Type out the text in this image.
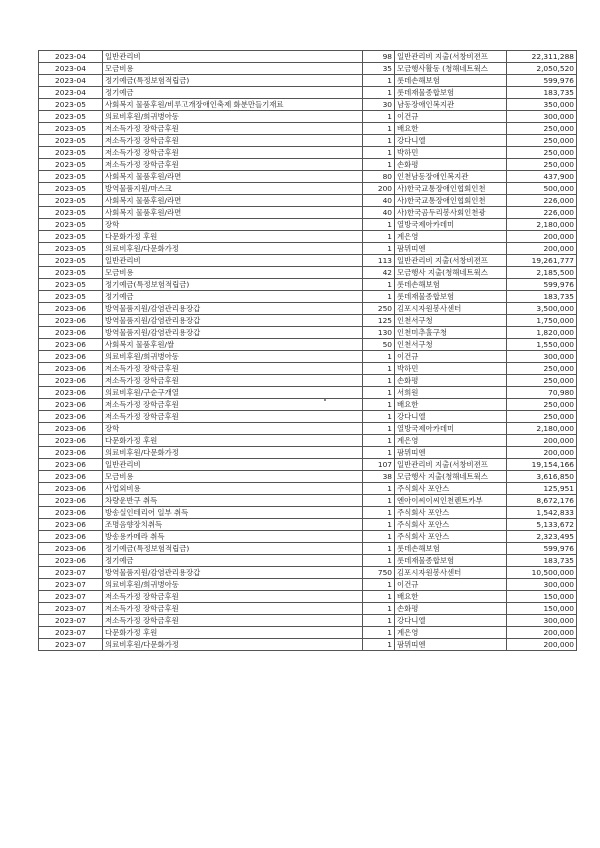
2023-04	일반관리비	98	일반관리비 지출(서창비젼프	22,311,288
2023-04	모금비용	35	모금행사활동 (청해네트웍스	2,050,520
2023-04	정기예금(특정보험적립금)	1	롯데손해보험	599,976
2023-04	정기예금	1	롯데재물종합보험	183,735
2023-05	사회복지 물품후원/비루고개장애인축제 화분만들기재료	30	남동장애인복지관	350,000
2023-05	의료비후원/희귀병아동	1	이건규	300,000
2023-05	저소득가정 장학금후원	1	배요한	250,000
2023-05	저소득가정 장학금후원	1	강다니엘	250,000
2023-05	저소득가정 장학금후원	1	박하민	250,000
2023-05	저소득가정 장학금후원	1	손화평	250,000
2023-05	사회복지 물품후원/라면	80	인천남동장애인복지관	437,900
2023-05	방역물품지원/마스크	200	사)한국교통장애인협회인천	500,000
2023-05	사회복지 물품후원/라면	40	사)한국교통장애인협회인천	226,000
2023-05	사회복지 물품후원/라면	40	사)한국곰두리봉사회인천광	226,000
2023-05	장학	1	열방국제아카데미	2,180,000
2023-05	다문화가정 후원	1	계은영	200,000
2023-05	의료비후원/다문화가정	1	팜뮈띠엔	200,000
2023-05	일반관리비	113	일반관리비 지출(서창비젼프	19,261,777
2023-05	모금비용	42	모금행사 지출(청해네트웍스	2,185,500
2023-05	정기예금(특정보험적립금)	1	롯데손해보험	599,976
2023-05	정기예금	1	롯데재물종합보험	183,735
2023-06	방역물품지원/감염관리용장갑	250	김포시자원봉사센터	3,500,000
2023-06	방역물품지원/감염관리용장갑	125	인천서구청	1,750,000
2023-06	방역물품지원/감염관리용장갑	130	인천미추홀구청	1,820,000
2023-06	사회복지 물품후원/쌀	50	인천서구청	1,550,000
2023-06	의료비후원/희귀병아동	1	이건규	300,000
2023-06	저소득가정 장학금후원	1	박하민	250,000
2023-06	저소득가정 장학금후원	1	손화평	250,000
2023-06	의료비후원/구순구개열	1	서희원	70,980
2023-06	저소득가정 장학금후원	1	배요한	250,000
2023-06	저소득가정 장학금후원	1	강다니엘	250,000
2023-06	장학	1	열방국제아카데미	2,180,000
2023-06	다문화가정 후원	1	계은영	200,000
2023-06	의료비후원/다문화가정	1	팜뮈띠엔	200,000
2023-06	일반관리비	107	일반관리비 지출(서창비젼프	19,154,166
2023-06	모금비용	38	모금행사 지출(청해네트웍스	3,616,850
2023-06	사업외비용	1	주식회사 포안스	125,951
2023-06	차량운반구 취득	1	엔아이씨이씨인천렌트카부	8,672,176
2023-06	방송실인테리어 일부 취득	1	주식회사 포안스	1,542,833
2023-06	조명음향장치취득	1	주식회사 포안스	5,133,672
2023-06	방송용카메라 취득	1	주식회사 포안스	2,323,495
2023-06	정기예금(특정보험적립금)	1	롯데손해보험	599,976
2023-06	정기예금	1	롯데재물종합보험	183,735
2023-07	방역물품지원/감염관리용장갑	750	김포시자원봉사센터	10,500,000
2023-07	의료비후원/희귀병아동	1	이건규	300,000
2023-07	저소득가정 장학금후원	1	배요한	150,000
2023-07	저소득가정 장학금후원	1	손화평	150,000
2023-07	저소득가정 장학금후원	1	강다니엘	300,000
2023-07	다문화가정 후원	1	계은영	200,000
2023-07	의료비후원/다문화가정	1	팜뮈띠엔	200,000
